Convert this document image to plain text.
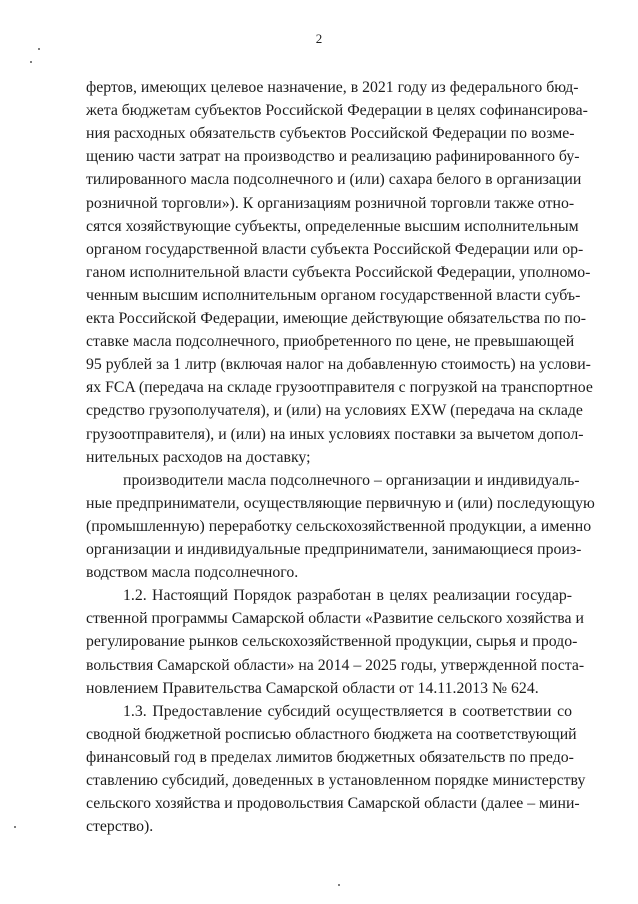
2
фертов, имеющих целевое назначение, в 2021 году из федерального бюд-
жета бюджетам субъектов Российской Федерации в целях софинансирова-
ния расходных обязательств субъектов Российской Федерации по возме-
щению части затрат на производство и реализацию рафинированного бу-
тилированного масла подсолнечного и (или) сахара белого в организации
розничной торговли»). К организациям розничной торговли также отно-
сятся хозяйствующие субъекты, определенные высшим исполнительным
органом государственной власти субъекта Российской Федерации или ор-
ганом исполнительной власти субъекта Российской Федерации, уполномо-
ченным высшим исполнительным органом государственной власти субъ-
екта Российской Федерации, имеющие действующие обязательства по по-
ставке масла подсолнечного, приобретенного по цене, не превышающей
95 рублей за 1 литр (включая налог на добавленную стоимость) на услови-
ях FCA (передача на складе грузоотправителя с погрузкой на транспортное
средство грузополучателя), и (или) на условиях EXW (передача на складе
грузоотправителя), и (или) на иных условиях поставки за вычетом допол-
нительных расходов на доставку;
производители масла подсолнечного – организации и индивидуаль-
ные предприниматели, осуществляющие первичную и (или) последующую
(промышленную) переработку сельскохозяйственной продукции, а именно
организации и индивидуальные предприниматели, занимающиеся произ-
водством масла подсолнечного.
1.2. Настоящий Порядок разработан в целях реализации государ-
ственной программы Самарской области «Развитие сельского хозяйства и
регулирование рынков сельскохозяйственной продукции, сырья и продо-
вольствия Самарской области» на 2014 – 2025 годы, утвержденной поста-
новлением Правительства Самарской области от 14.11.2013 № 624.
1.3. Предоставление субсидий осуществляется в соответствии со
сводной бюджетной росписью областного бюджета на соответствующий
финансовый год в пределах лимитов бюджетных обязательств по предо-
ставлению субсидий, доведенных в установленном порядке министерству
сельского хозяйства и продовольствия Самарской области (далее – мини-
стерство).
